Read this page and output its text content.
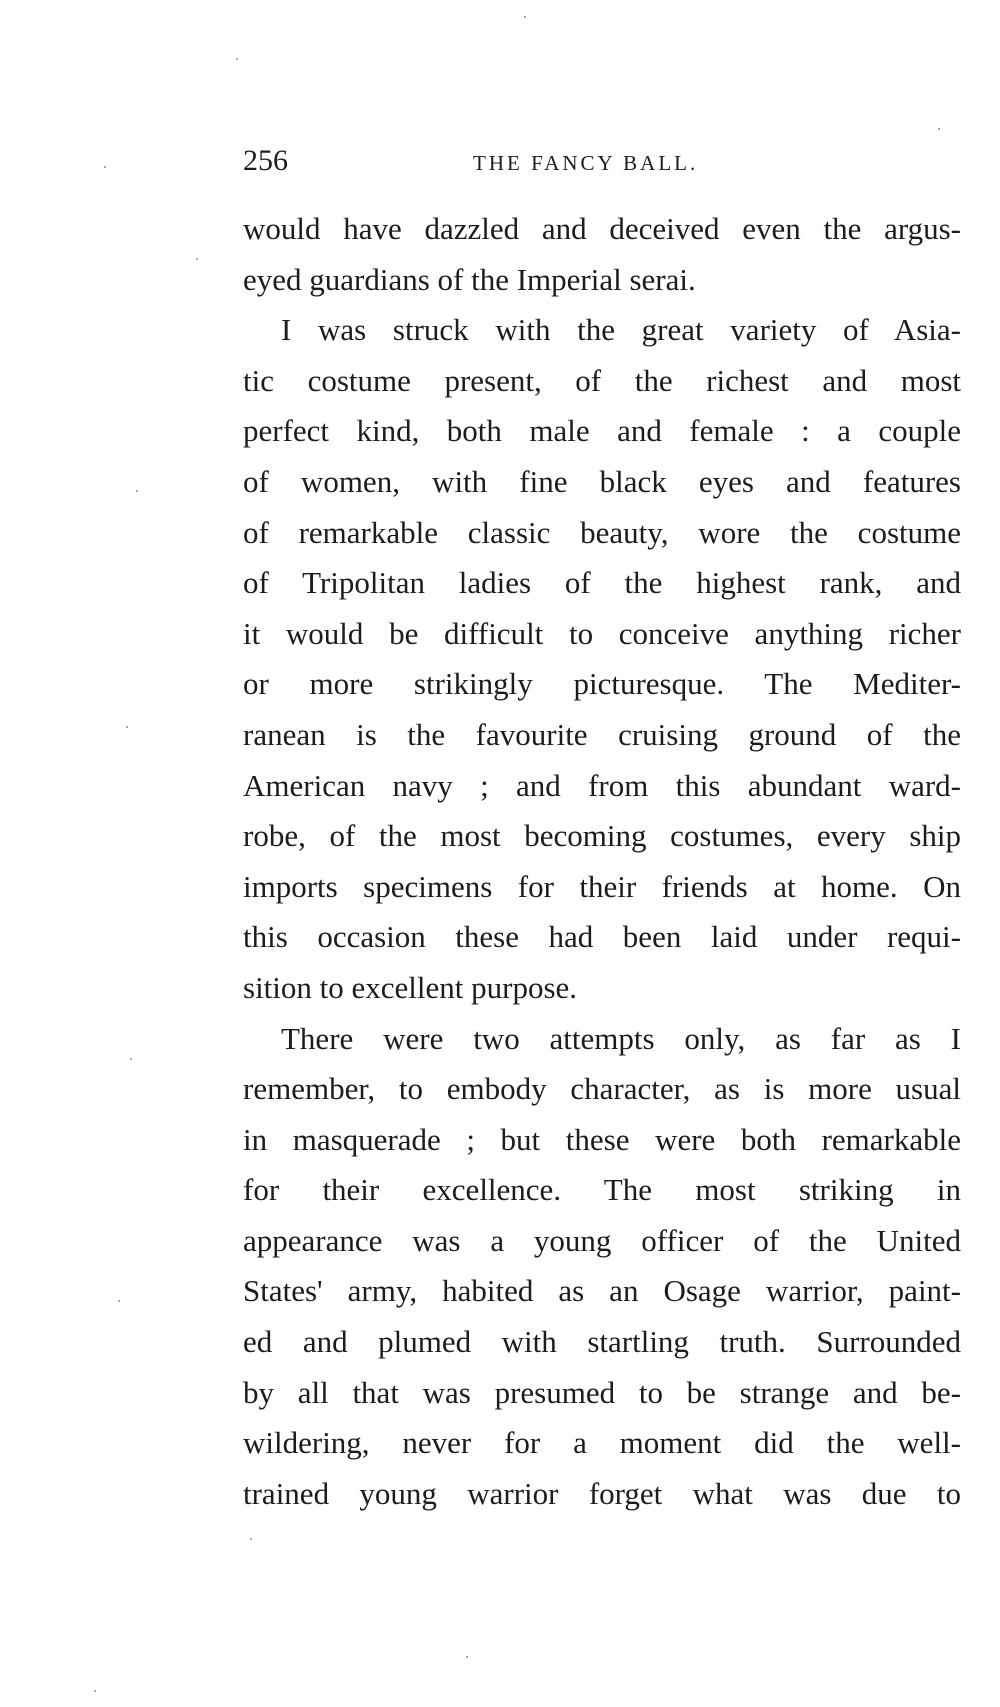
256	THE FANCY BALL.

would have dazzled and deceived even the argus-
eyed guardians of the Imperial serai.

I was struck with the great variety of Asia-
tic costume present, of the richest and most
perfect kind, both male and female : a couple
of women, with fine black eyes and features
of remarkable classic beauty, wore the costume
of Tripolitan ladies of the highest rank, and
it would be difficult to conceive anything richer
or more strikingly picturesque. The Mediter-
ranean is the favourite cruising ground of the
American navy ; and from this abundant ward-
robe, of the most becoming costumes, every ship
imports specimens for their friends at home. On
this occasion these had been laid under requi-
sition to excellent purpose.

There were two attempts only, as far as I
remember, to embody character, as is more usual
in masquerade ; but these were both remarkable
for their excellence. The most striking in
appearance was a young officer of the United
States' army, habited as an Osage warrior, paint-
ed and plumed with startling truth. Surrounded
by all that was presumed to be strange and be-
wildering, never for a moment did the well-
trained young warrior forget what was due to
